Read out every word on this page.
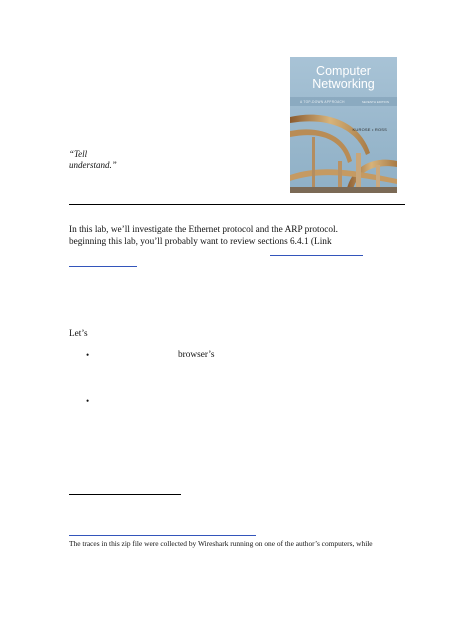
“Tell
understand.”
Computer
Networking
A TOP-DOWN APPROACH	SEVENTH EDITION
KUROSE • ROSS
In this lab, we’ll investigate the Ethernet protocol and the ARP protocol.
beginning this lab, you’ll probably want to review sections 6.4.1 (Link
Let’s
•	browser’s
•
The traces in this zip file were collected by Wireshark running on one of the author’s computers, while
